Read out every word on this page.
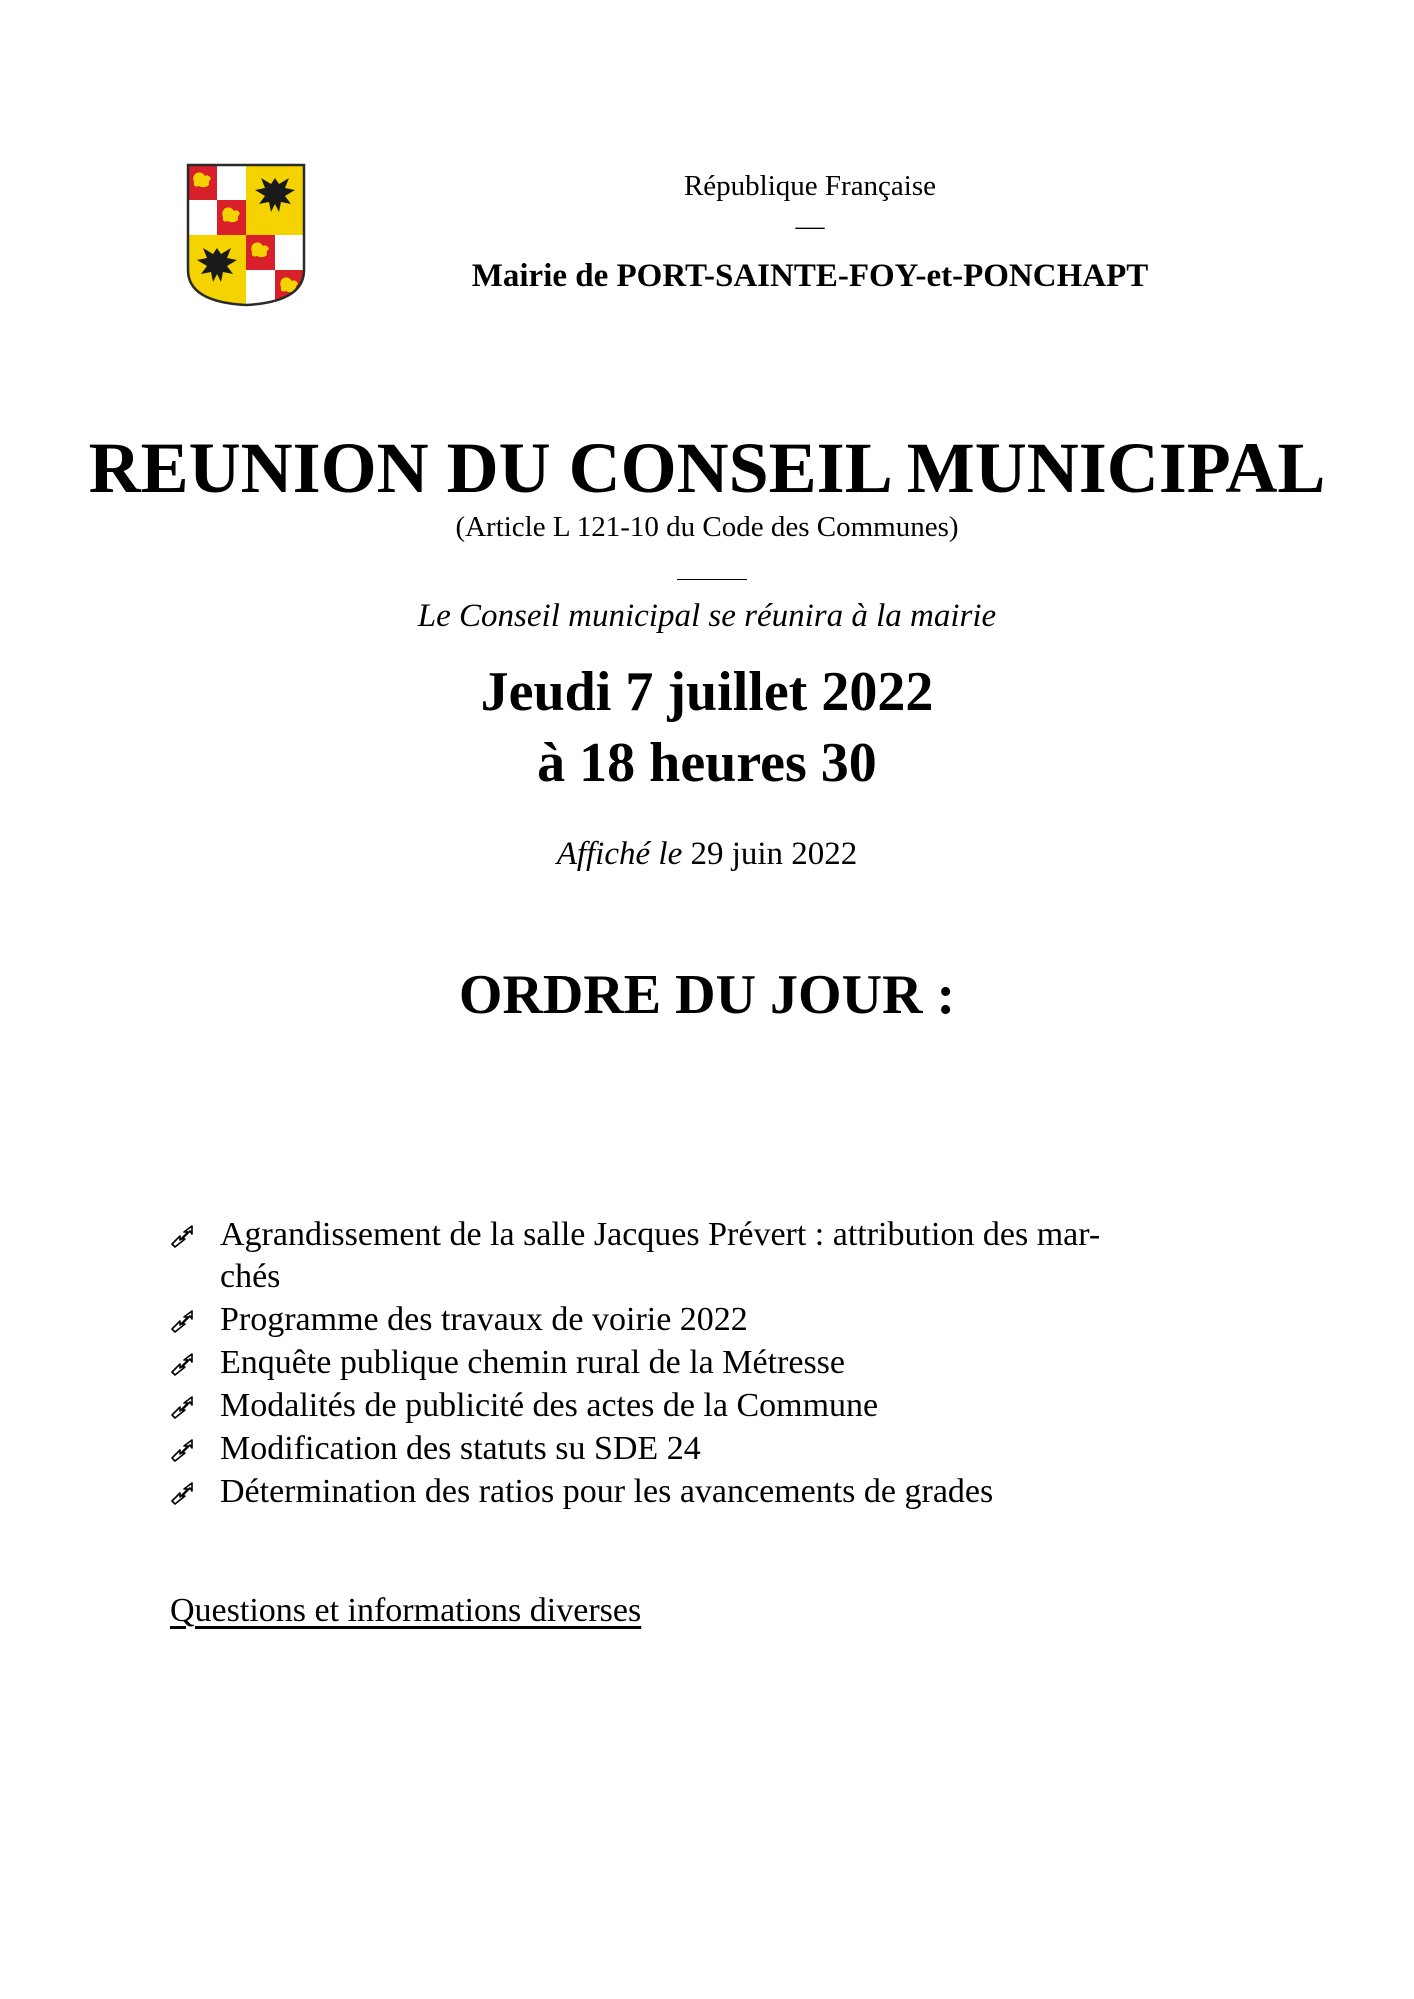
République Française
—
Mairie de PORT-SAINTE-FOY-et-PONCHAPT
REUNION DU CONSEIL MUNICIPAL
(Article L 121-10 du Code des Communes)
Le Conseil municipal se réunira à la mairie
Jeudi 7 juillet 2022
à 18 heures 30
Affiché le 29 juin 2022
ORDRE DU JOUR :
Agrandissement de la salle Jacques Prévert : attribution des mar-
chés
Programme des travaux de voirie 2022
Enquête publique chemin rural de la Métresse
Modalités de publicité des actes de la Commune
Modification des statuts su SDE 24
Détermination des ratios pour les avancements de grades
Questions et informations diverses
